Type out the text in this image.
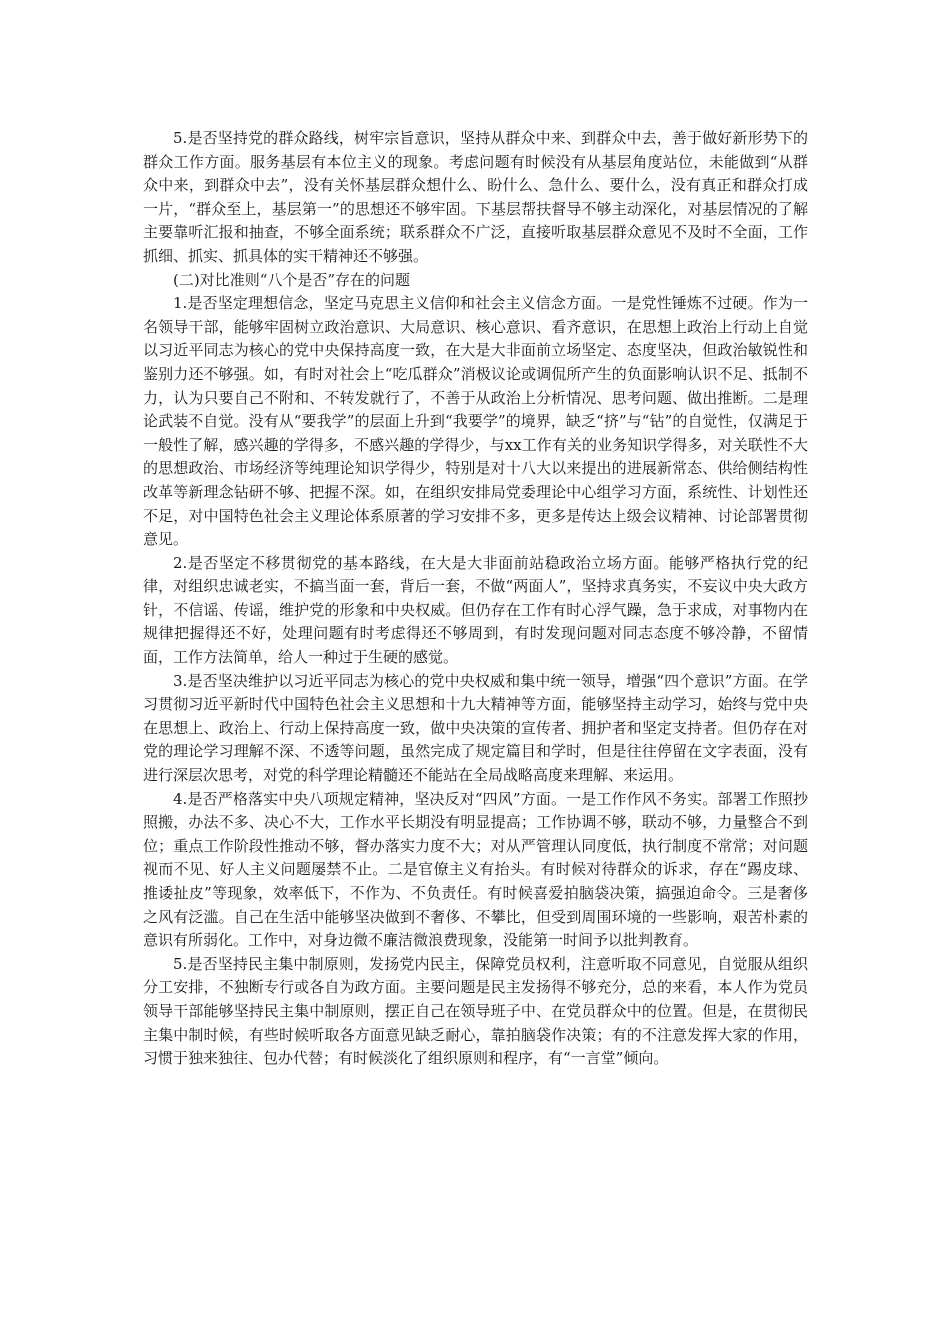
5.是否坚持党的群众路线，树牢宗旨意识，坚持从群众中来、到群众中去，善于做好新形势下的群众工作方面。服务基层有本位主义的现象。考虑问题有时候没有从基层角度站位，未能做到“从群众中来，到群众中去”，没有关怀基层群众想什么、盼什么、急什么、要什么，没有真正和群众打成一片，“群众至上，基层第一”的思想还不够牢固。下基层帮扶督导不够主动深化，对基层情况的了解主要靠听汇报和抽查，不够全面系统；联系群众不广泛，直接听取基层群众意见不及时不全面，工作抓细、抓实、抓具体的实干精神还不够强。

(二)对比准则“八个是否”存在的问题

1.是否坚定理想信念，坚定马克思主义信仰和社会主义信念方面。一是党性锤炼不过硬。作为一名领导干部，能够牢固树立政治意识、大局意识、核心意识、看齐意识，在思想上政治上行动上自觉以习近平同志为核心的党中央保持高度一致，在大是大非面前立场坚定、态度坚决，但政治敏锐性和鉴别力还不够强。如，有时对社会上“吃瓜群众”消极议论或调侃所产生的负面影响认识不足、抵制不力，认为只要自己不附和、不转发就行了，不善于从政治上分析情况、思考问题、做出推断。二是理论武装不自觉。没有从“要我学”的层面上升到“我要学”的境界，缺乏“挤”与“钻”的自觉性，仅满足于一般性了解，感兴趣的学得多，不感兴趣的学得少，与xx工作有关的业务知识学得多，对关联性不大的思想政治、市场经济等纯理论知识学得少，特别是对十八大以来提出的进展新常态、供给侧结构性改革等新理念钻研不够、把握不深。如，在组织安排局党委理论中心组学习方面，系统性、计划性还不足，对中国特色社会主义理论体系原著的学习安排不多，更多是传达上级会议精神、讨论部署贯彻意见。

2.是否坚定不移贯彻党的基本路线，在大是大非面前站稳政治立场方面。能够严格执行党的纪律，对组织忠诚老实，不搞当面一套，背后一套，不做“两面人”，坚持求真务实，不妄议中央大政方针，不信谣、传谣，维护党的形象和中央权威。但仍存在工作有时心浮气躁，急于求成，对事物内在规律把握得还不好，处理问题有时考虑得还不够周到，有时发现问题对同志态度不够冷静，不留情面，工作方法简单，给人一种过于生硬的感觉。

3.是否坚决维护以习近平同志为核心的党中央权威和集中统一领导，增强“四个意识”方面。在学习贯彻习近平新时代中国特色社会主义思想和十九大精神等方面，能够坚持主动学习，始终与党中央在思想上、政治上、行动上保持高度一致，做中央决策的宣传者、拥护者和坚定支持者。但仍存在对党的理论学习理解不深、不透等问题，虽然完成了规定篇目和学时，但是往往停留在文字表面，没有进行深层次思考，对党的科学理论精髓还不能站在全局战略高度来理解、来运用。

4.是否严格落实中央八项规定精神，坚决反对“四风”方面。一是工作作风不务实。部署工作照抄照搬，办法不多、决心不大，工作水平长期没有明显提高；工作协调不够，联动不够，力量整合不到位；重点工作阶段性推动不够，督办落实力度不大；对从严管理认同度低，执行制度不常常；对问题视而不见、好人主义问题屡禁不止。二是官僚主义有抬头。有时候对待群众的诉求，存在“踢皮球、推诿扯皮”等现象，效率低下，不作为、不负责任。有时候喜爱拍脑袋决策，搞强迫命令。三是奢侈之风有泛滥。自己在生活中能够坚决做到不奢侈、不攀比，但受到周围环境的一些影响，艰苦朴素的意识有所弱化。工作中，对身边微不廉洁微浪费现象，没能第一时间予以批判教育。

5.是否坚持民主集中制原则，发扬党内民主，保障党员权利，注意听取不同意见，自觉服从组织分工安排，不独断专行或各自为政方面。主要问题是民主发扬得不够充分，总的来看，本人作为党员领导干部能够坚持民主集中制原则，摆正自己在领导班子中、在党员群众中的位置。但是，在贯彻民主集中制时候，有些时候听取各方面意见缺乏耐心，靠拍脑袋作决策；有的不注意发挥大家的作用，习惯于独来独往、包办代替；有时候淡化了组织原则和程序，有“一言堂”倾向。
